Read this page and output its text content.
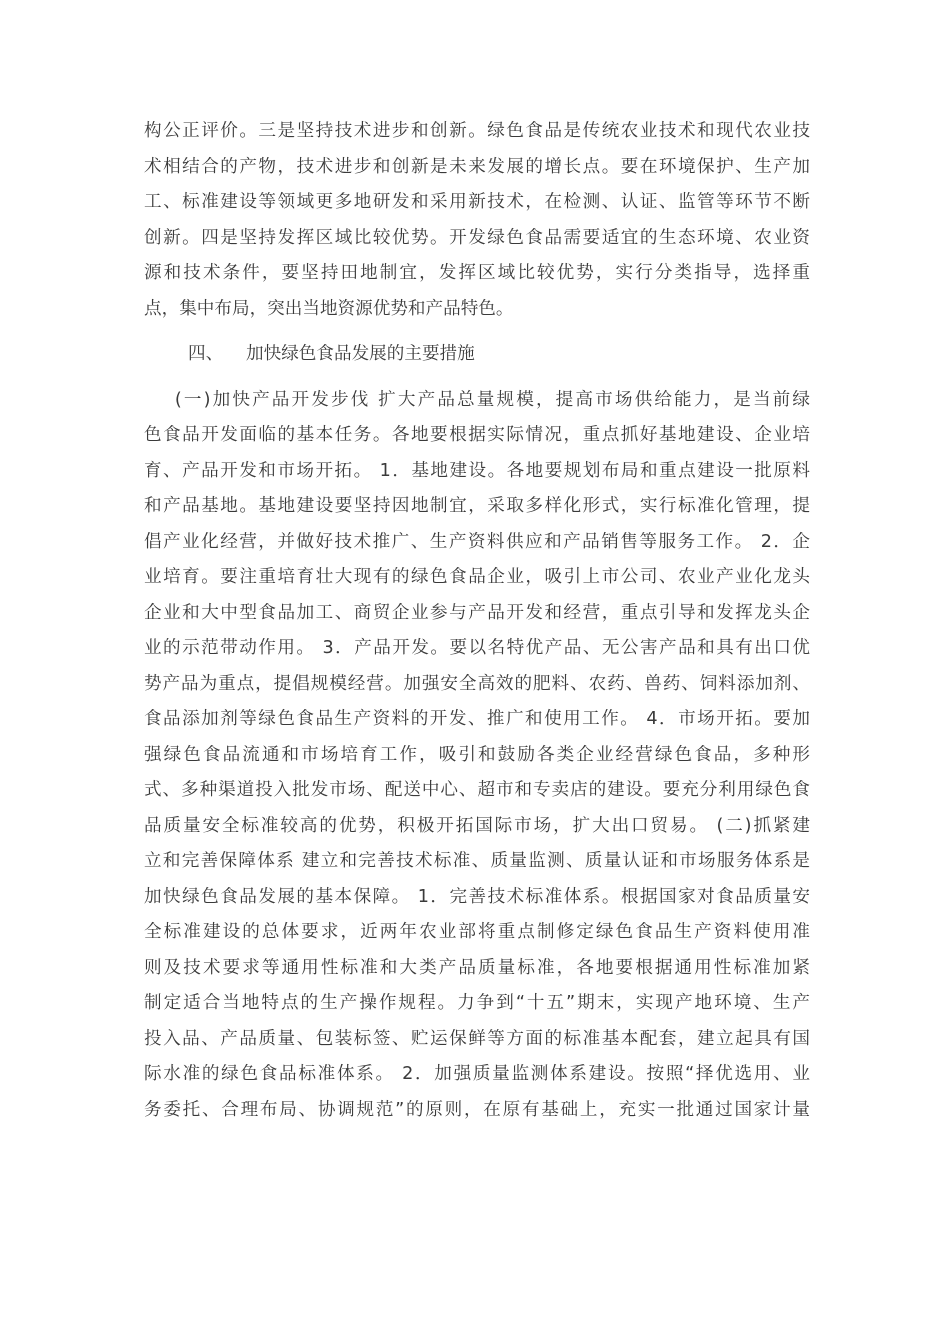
构公正评价。三是坚持技术进步和创新。绿色食品是传统农业技术和现代农业技
术相结合的产物，技术进步和创新是未来发展的增长点。要在环境保护、生产加
工、标准建设等领域更多地研发和采用新技术，在检测、认证、监管等环节不断
创新。四是坚持发挥区域比较优势。开发绿色食品需要适宜的生态环境、农业资
源和技术条件，要坚持田地制宜，发挥区域比较优势，实行分类指导，选择重
点，集中布局，突出当地资源优势和产品特色。
四、 加快绿色食品发展的主要措施
(一)加快产品开发步伐 扩大产品总量规模，提高市场供给能力，是当前绿
色食品开发面临的基本任务。各地要根据实际情况，重点抓好基地建设、企业培
育、产品开发和市场开拓。 1．基地建设。各地要规划布局和重点建设一批原料
和产品基地。基地建设要坚持因地制宜，采取多样化形式，实行标准化管理，提
倡产业化经营，并做好技术推广、生产资料供应和产品销售等服务工作。 2．企
业培育。要注重培育壮大现有的绿色食品企业，吸引上市公司、农业产业化龙头
企业和大中型食品加工、商贸企业参与产品开发和经营，重点引导和发挥龙头企
业的示范带动作用。 3．产品开发。要以名特优产品、无公害产品和具有出口优
势产品为重点，提倡规模经营。加强安全高效的肥料、农药、兽药、饲料添加剂、
食品添加剂等绿色食品生产资料的开发、推广和使用工作。 4．市场开拓。要加
强绿色食品流通和市场培育工作，吸引和鼓励各类企业经营绿色食品，多种形
式、多种渠道投入批发市场、配送中心、超市和专卖店的建设。要充分利用绿色食
品质量安全标准较高的优势，积极开拓国际市场，扩大出口贸易。 (二)抓紧建
立和完善保障体系 建立和完善技术标准、质量监测、质量认证和市场服务体系是
加快绿色食品发展的基本保障。 1．完善技术标准体系。根据国家对食品质量安
全标准建设的总体要求，近两年农业部将重点制修定绿色食品生产资料使用准
则及技术要求等通用性标准和大类产品质量标准，各地要根据通用性标准加紧
制定适合当地特点的生产操作规程。力争到“十五”期末，实现产地环境、生产
投入品、产品质量、包装标签、贮运保鲜等方面的标准基本配套，建立起具有国
际水准的绿色食品标准体系。 2．加强质量监测体系建设。按照“择优选用、业
务委托、合理布局、协调规范”的原则，在原有基础上，充实一批通过国家计量
